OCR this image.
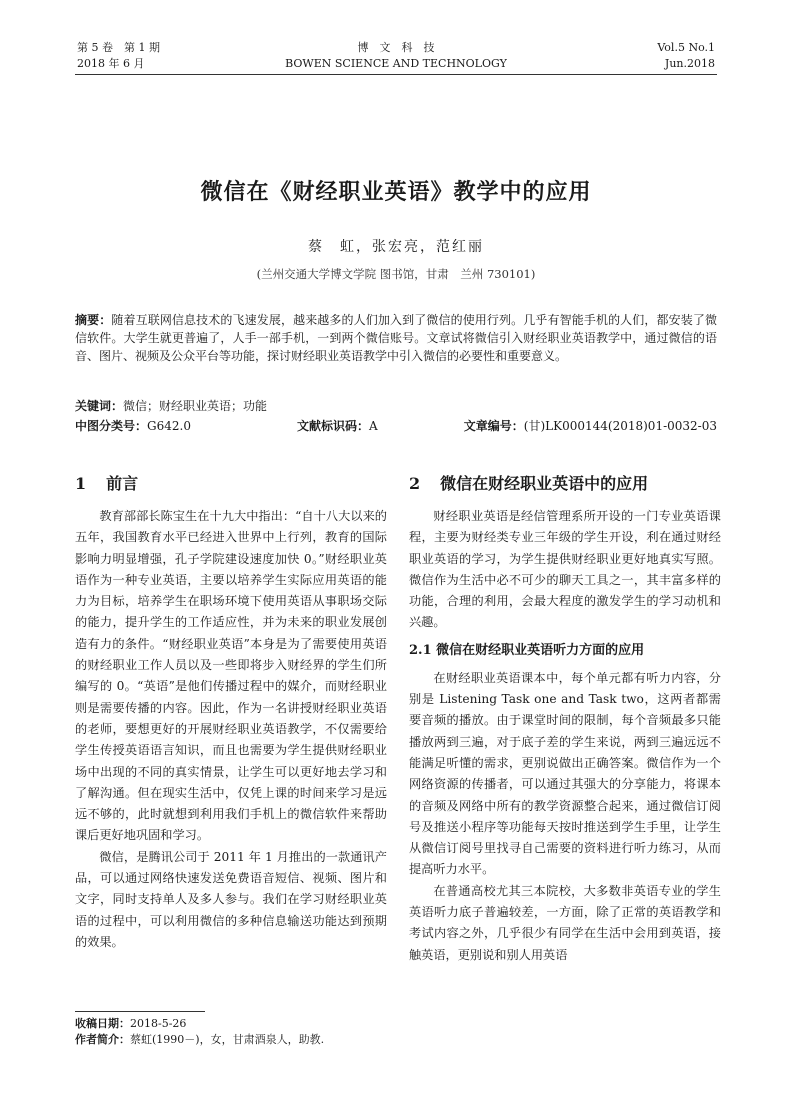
第 5 卷　第 1 期
2018 年 6 月
博　文　科　技
BOWEN SCIENCE AND TECHNOLOGY
Vol.5 No.1
Jun.2018
微信在《财经职业英语》教学中的应用
蔡　虹，张宏亮，范红丽
(兰州交通大学博文学院 图书馆，甘肃　兰州 730101)
摘要：随着互联网信息技术的飞速发展，越来越多的人们加入到了微信的使用行列。几乎有智能手机的人们，都安装了微信软件。大学生就更普遍了，人手一部手机，一到两个微信账号。文章试将微信引入财经职业英语教学中，通过微信的语音、图片、视频及公众平台等功能，探讨财经职业英语教学中引入微信的必要性和重要意义。
关键词：微信；财经职业英语；功能
中图分类号：G642.0	文献标识码：A	文章编号：(甘)LK000144(2018)01-0032-03
1 前言

教育部部长陈宝生在十九大中指出：“自十八大以来的五年，我国教育水平已经进入世界中上行列，教育的国际影响力明显增强，孔子学院建设速度加快 0。”财经职业英语作为一种专业英语，主要以培养学生实际应用英语的能力为目标，培养学生在职场环境下使用英语从事职场交际的能力，提升学生的工作适应性，并为未来的职业发展创造有力的条件。“财经职业英语”本身是为了需要使用英语的财经职业工作人员以及一些即将步入财经界的学生们所编写的 0。“英语”是他们传播过程中的媒介，而财经职业则是需要传播的内容。因此，作为一名讲授财经职业英语的老师，要想更好的开展财经职业英语教学，不仅需要给学生传授英语语言知识，而且也需要为学生提供财经职业场中出现的不同的真实情景，让学生可以更好地去学习和了解沟通。但在现实生活中，仅凭上课的时间来学习是远远不够的，此时就想到利用我们手机上的微信软件来帮助课后更好地巩固和学习。

微信，是腾讯公司于 2011 年 1 月推出的一款通讯产品，可以通过网络快速发送免费语音短信、视频、图片和文字，同时支持单人及多人参与。我们在学习财经职业英语的过程中，可以利用微信的多种信息输送功能达到预期的效果。

2 微信在财经职业英语中的应用

财经职业英语是经信管理系所开设的一门专业英语课程，主要为财经类专业三年级的学生开设，利在通过财经职业英语的学习，为学生提供财经职业更好地真实写照。微信作为生活中必不可少的聊天工具之一，其丰富多样的功能，合理的利用，会最大程度的激发学生的学习动机和兴趣。

2.1 微信在财经职业英语听力方面的应用

在财经职业英语课本中，每个单元都有听力内容，分别是 Listening Task one and Task two，这两者都需要音频的播放。由于课堂时间的限制，每个音频最多只能播放两到三遍，对于底子差的学生来说，两到三遍远远不能满足听懂的需求，更别说做出正确答案。微信作为一个网络资源的传播者，可以通过其强大的分享能力，将课本的音频及网络中所有的教学资源整合起来，通过微信订阅号及推送小程序等功能每天按时推送到学生手里，让学生从微信订阅号里找寻自己需要的资料进行听力练习，从而提高听力水平。

在普通高校尤其三本院校，大多数非英语专业的学生英语听力底子普遍较差，一方面，除了正常的英语教学和考试内容之外，几乎很少有同学在生活中会用到英语，接触英语，更别说和别人用英语

收稿日期：2018-5-26
作者简介：蔡虹(1990－)，女，甘肃酒泉人，助教.
